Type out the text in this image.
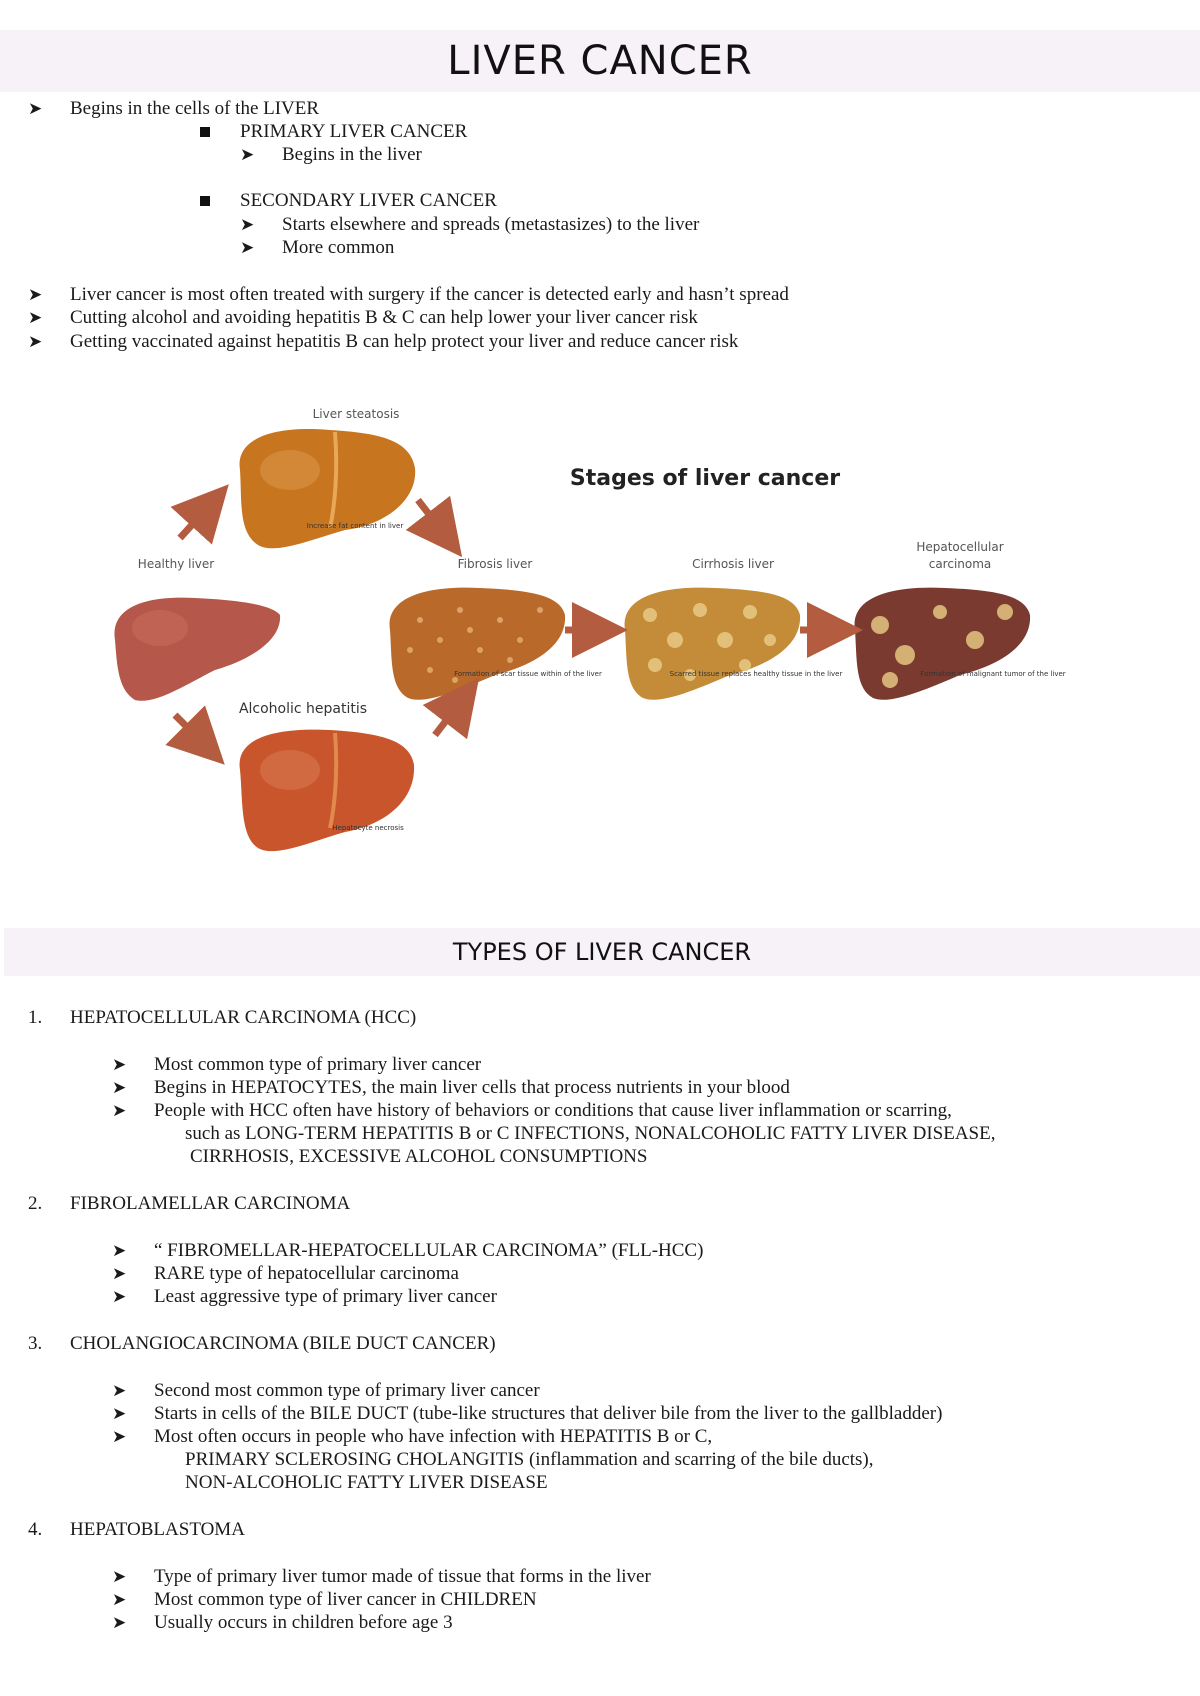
LIVER CANCER
➤ Begins in the cells of the LIVER
PRIMARY LIVER CANCER
➤ Begins in the liver
SECONDARY LIVER CANCER
➤ Starts elsewhere and spreads (metastasizes) to the liver
➤ More common
➤ Liver cancer is most often treated with surgery if the cancer is detected early and hasn’t spread
➤ Cutting alcohol and avoiding hepatitis B & C can help lower your liver cancer risk
➤ Getting vaccinated against hepatitis B can help protect your liver and reduce cancer risk
Stages of liver cancer
Liver steatosis
Increase fat content in liver
Healthy liver
Alcoholic hepatitis
Hepatocyte necrosis
Fibrosis liver
Formation of scar tissue within of the liver
Cirrhosis liver
Scarred tissue replaces healthy tissue in the liver
Hepatocellular
carcinoma
Formation of malignant tumor of the liver
TYPES OF LIVER CANCER
1. HEPATOCELLULAR CARCINOMA (HCC)
➤ Most common type of primary liver cancer
➤ Begins in HEPATOCYTES, the main liver cells that process nutrients in your blood
➤ People with HCC often have history of behaviors or conditions that cause liver inflammation or scarring,
such as LONG-TERM HEPATITIS B or C INFECTIONS, NONALCOHOLIC FATTY LIVER DISEASE,
CIRRHOSIS, EXCESSIVE ALCOHOL CONSUMPTIONS
2. FIBROLAMELLAR CARCINOMA
➤ “ FIBROMELLAR-HEPATOCELLULAR CARCINOMA” (FLL-HCC)
➤ RARE type of hepatocellular carcinoma
➤ Least aggressive type of primary liver cancer
3. CHOLANGIOCARCINOMA (BILE DUCT CANCER)
➤ Second most common type of primary liver cancer
➤ Starts in cells of the BILE DUCT (tube-like structures that deliver bile from the liver to the gallbladder)
➤ Most often occurs in people who have infection with HEPATITIS B or C,
PRIMARY SCLEROSING CHOLANGITIS (inflammation and scarring of the bile ducts),
NON-ALCOHOLIC FATTY LIVER DISEASE
4. HEPATOBLASTOMA
➤ Type of primary liver tumor made of tissue that forms in the liver
➤ Most common type of liver cancer in CHILDREN
➤ Usually occurs in children before age 3
